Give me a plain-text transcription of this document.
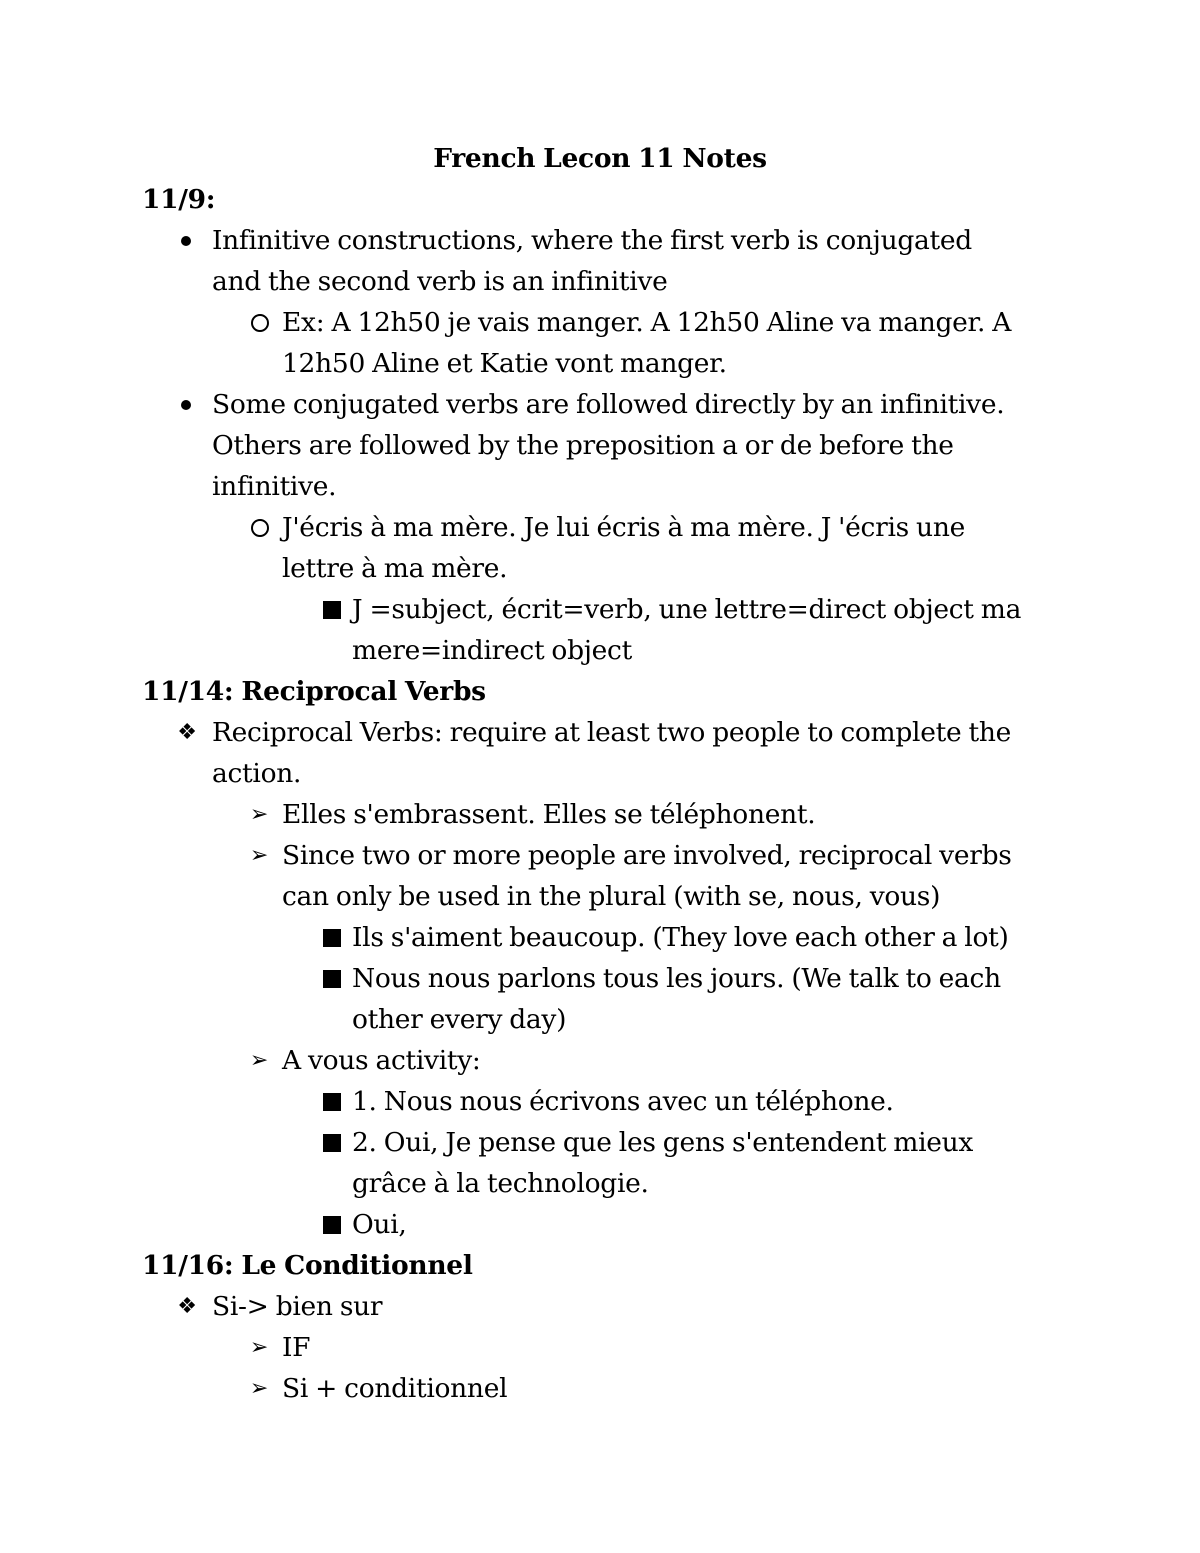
French Lecon 11 Notes
11/9:
Infinitive constructions, where the first verb is conjugated
and the second verb is an infinitive
Ex: A 12h50 je vais manger. A 12h50 Aline va manger. A
12h50 Aline et Katie vont manger.
Some conjugated verbs are followed directly by an infinitive.
Others are followed by the preposition a or de before the
infinitive.
J'écris à ma mère. Je lui écris à ma mère. J 'écris une
lettre à ma mère.
J =subject, écrit=verb, une lettre=direct object ma
mere=indirect object
11/14: Reciprocal Verbs
❖ Reciprocal Verbs: require at least two people to complete the
action.
➢ Elles s'embrassent. Elles se téléphonent.
➢ Since two or more people are involved, reciprocal verbs
can only be used in the plural (with se, nous, vous)
Ils s'aiment beaucoup. (They love each other a lot)
Nous nous parlons tous les jours. (We talk to each
other every day)
➢ A vous activity:
1. Nous nous écrivons avec un téléphone.
2. Oui, Je pense que les gens s'entendent mieux
grâce à la technologie.
Oui,
11/16: Le Conditionnel
❖ Si-> bien sur
➢ IF
➢ Si + conditionnel
